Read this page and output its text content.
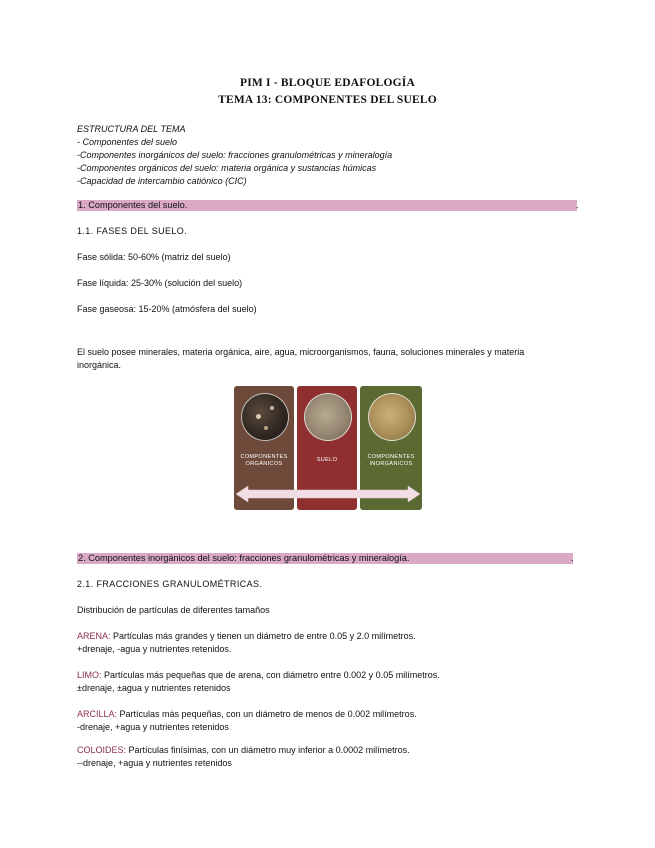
PIM I - BLOQUE EDAFOLOGÍA
TEMA 13: COMPONENTES DEL SUELO
ESTRUCTURA DEL TEMA
- Componentes del suelo
-Componentes inorgánicos del suelo: fracciones granulométricas y mineralogía
-Componentes orgánicos del suelo: materia orgánica y sustancias húmicas
-Capacidad de intercambio catiónico (CIC)
1. Componentes del suelo.	.
1.1. FASES DEL SUELO.
Fase sólida: 50-60% (matriz del suelo)
Fase líquida: 25-30% (solución del suelo)
Fase gaseosa: 15-20% (atmósfera del suelo)
El suelo posee minerales, materia orgánica, aire, agua, microorganismos, fauna, soluciones minerales y materia
inorgánica.
COMPONENTES
ORGÁNICOS
SUELO	COMPONENTES
INORGÁNICOS
2. Componentes inorgánicos del suelo: fracciones granulométricas y mineralogía.	.
2.1. FRACCIONES GRANULOMÉTRICAS.
Distribución de partículas de diferentes tamaños
ARENA: Partículas más grandes y tienen un diámetro de entre 0.05 y 2.0 milímetros.
+drenaje, -agua y nutrientes retenidos.
LIMO: Partículas más pequeñas que de arena, con diámetro entre 0.002 y 0.05 milímetros.
±drenaje, ±agua y nutrientes retenidos
ARCILLA: Partículas más pequeñas, con un diámetro de menos de 0.002 milímetros.
-drenaje, +agua y nutrientes retenidos
COLOIDES: Partículas finísimas, con un diámetro muy inferior a 0.0002 milímetros.
--drenaje, +agua y nutrientes retenidos
